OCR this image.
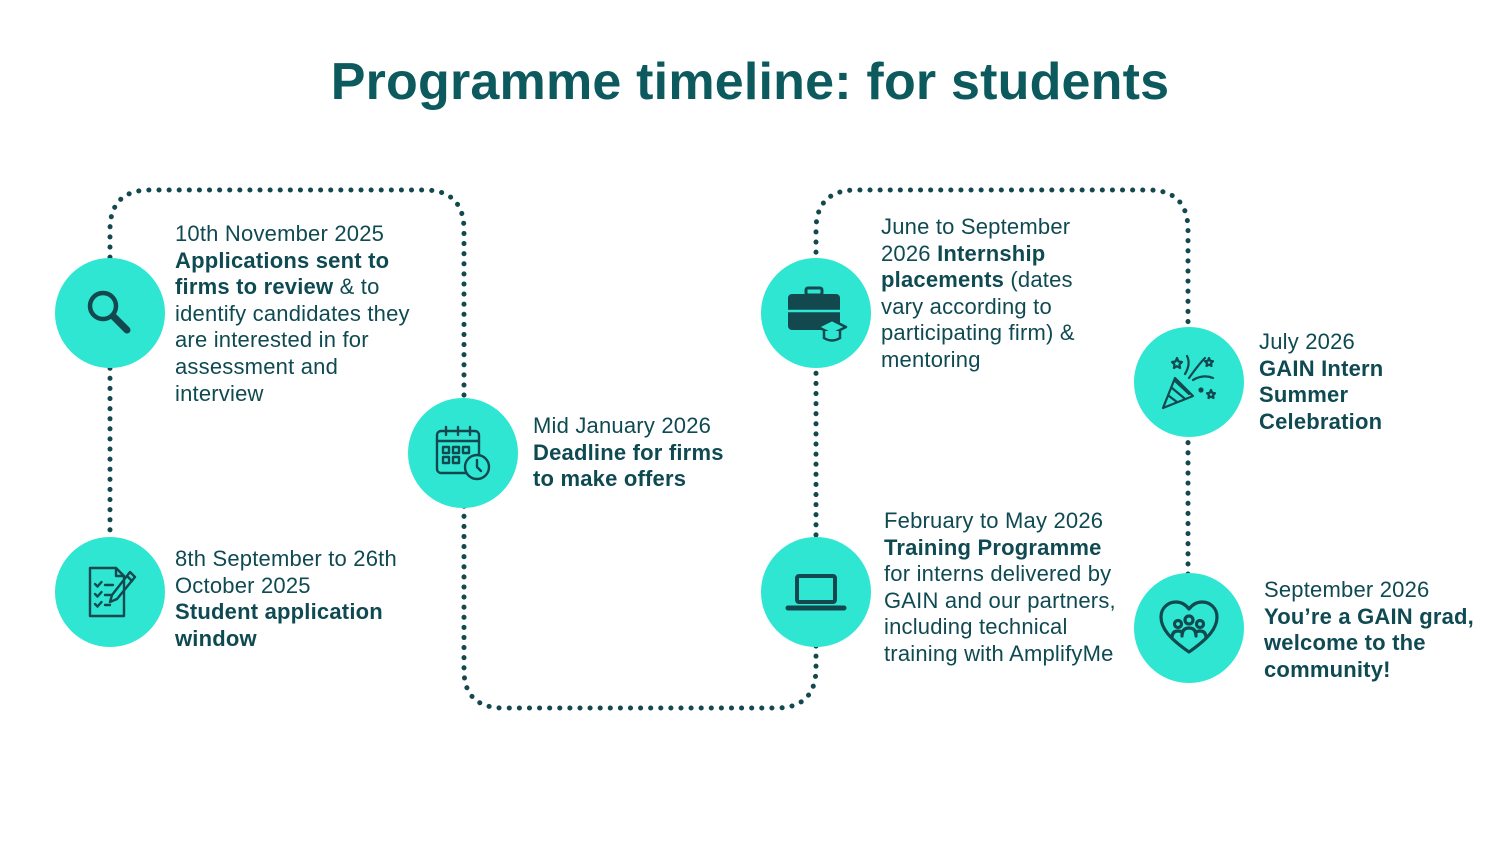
Programme timeline: for students
8th September to 26th October 2025
Student application window
10th November 2025
Applications sent to firms to review & to identify candidates they are interested in for assessment and interview
Mid January 2026
Deadline for firms to make offers
February to May 2026
Training Programme
for interns delivered by GAIN and our partners, including technical training with AmplifyMe
June to September 2026 Internship placements (dates vary according to participating firm) & mentoring
July 2026
GAIN Intern Summer Celebration
September 2026
You’re a GAIN grad, welcome to the community!
